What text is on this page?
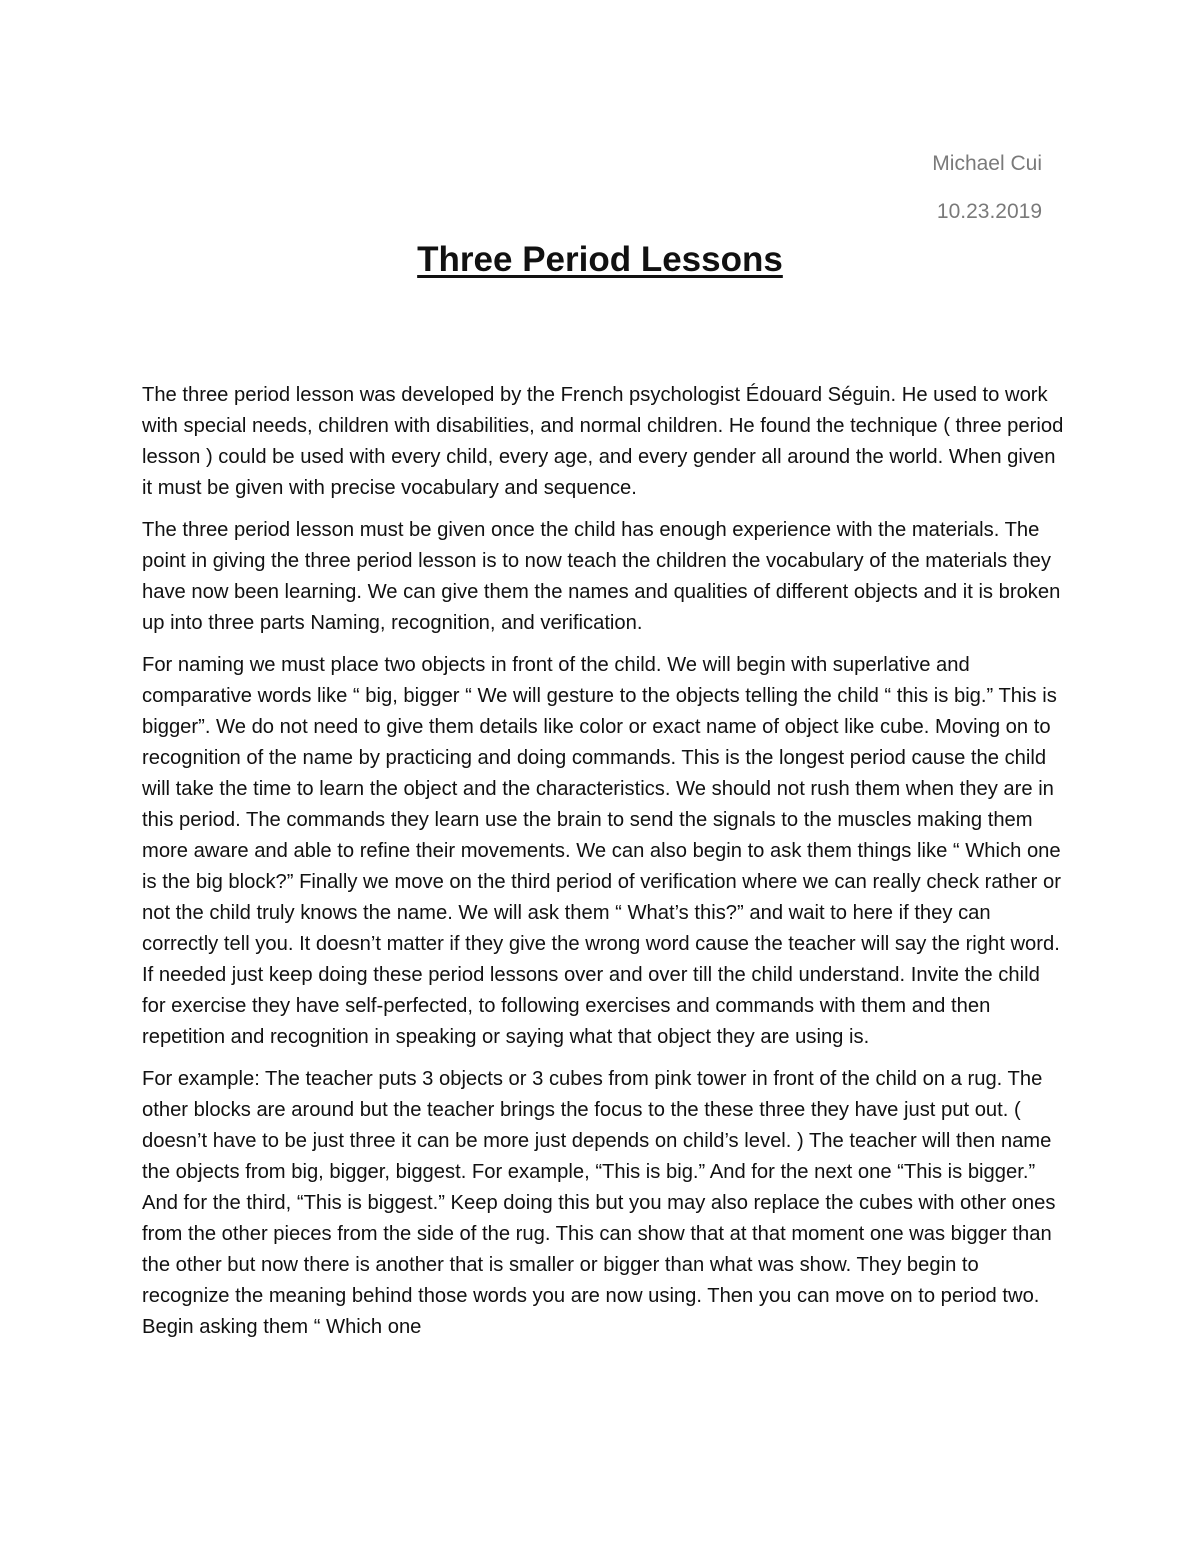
Michael Cui
10.23.2019
Three Period Lessons

The three period lesson was developed by the French psychologist Édouard Séguin. He used to work with special needs, children with disabilities, and normal children. He found the technique ( three period lesson ) could be used with every child, every age, and every gender all around the world. When given it must be given with precise vocabulary and sequence.

The three period lesson must be given once the child has enough experience with the materials. The point in giving the three period lesson is to now teach the children the vocabulary of the materials they have now been learning. We can give them the names and qualities of different objects and it is broken up into three parts Naming, recognition, and verification.

For naming we must place two objects in front of the child. We will begin with superlative and comparative words like “ big, bigger “ We will gesture to the objects telling the child “ this is big.” This is bigger”. We do not need to give them details like color or exact name of object like cube. Moving on to recognition of the name by practicing and doing commands. This is the longest period cause the child will take the time to learn the object and the characteristics. We should not rush them when they are in this period. The commands they learn use the brain to send the signals to the muscles making them more aware and able to refine their movements. We can also begin to ask them things like “ Which one is the big block?” Finally we move on the third period of verification where we can really check rather or not the child truly knows the name. We will ask them “ What’s this?” and wait to here if they can correctly tell you. It doesn’t matter if they give the wrong word cause the teacher will say the right word. If needed just keep doing these period lessons over and over till the child understand. Invite the child for exercise they have self-perfected, to following exercises and commands with them and then repetition and recognition in speaking or saying what that object they are using is.

For example: The teacher puts 3 objects or 3 cubes from pink tower in front of the child on a rug. The other blocks are around but the teacher brings the focus to the these three they have just put out. ( doesn’t have to be just three it can be more just depends on child’s level. ) The teacher will then name the objects from big, bigger, biggest. For example, “This is big.” And for the next one “This is bigger.” And for the third, “This is biggest.” Keep doing this but you may also replace the cubes with other ones from the other pieces from the side of the rug. This can show that at that moment one was bigger than the other but now there is another that is smaller or bigger than what was show. They begin to recognize the meaning behind those words you are now using. Then you can move on to period two. Begin asking them “ Which one
